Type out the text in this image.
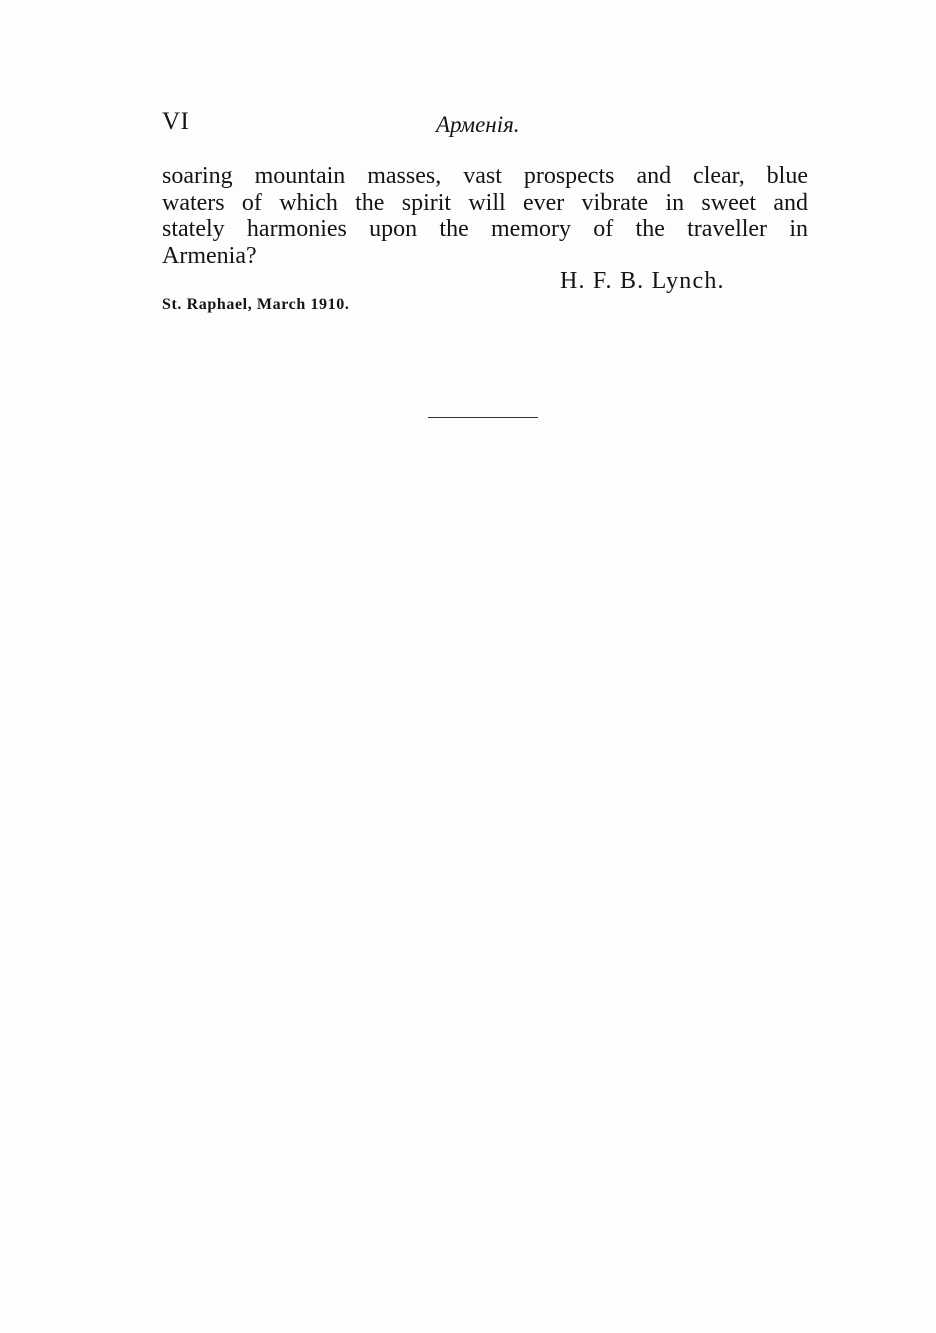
VI	Арменiя.
soaring mountain masses, vast prospects and clear, blue
waters of which the spirit will ever vibrate in sweet and
stately harmonies upon the memory of the traveller in
Armenia?
H. F. B. Lynch.
St. Raphael, March 1910.
